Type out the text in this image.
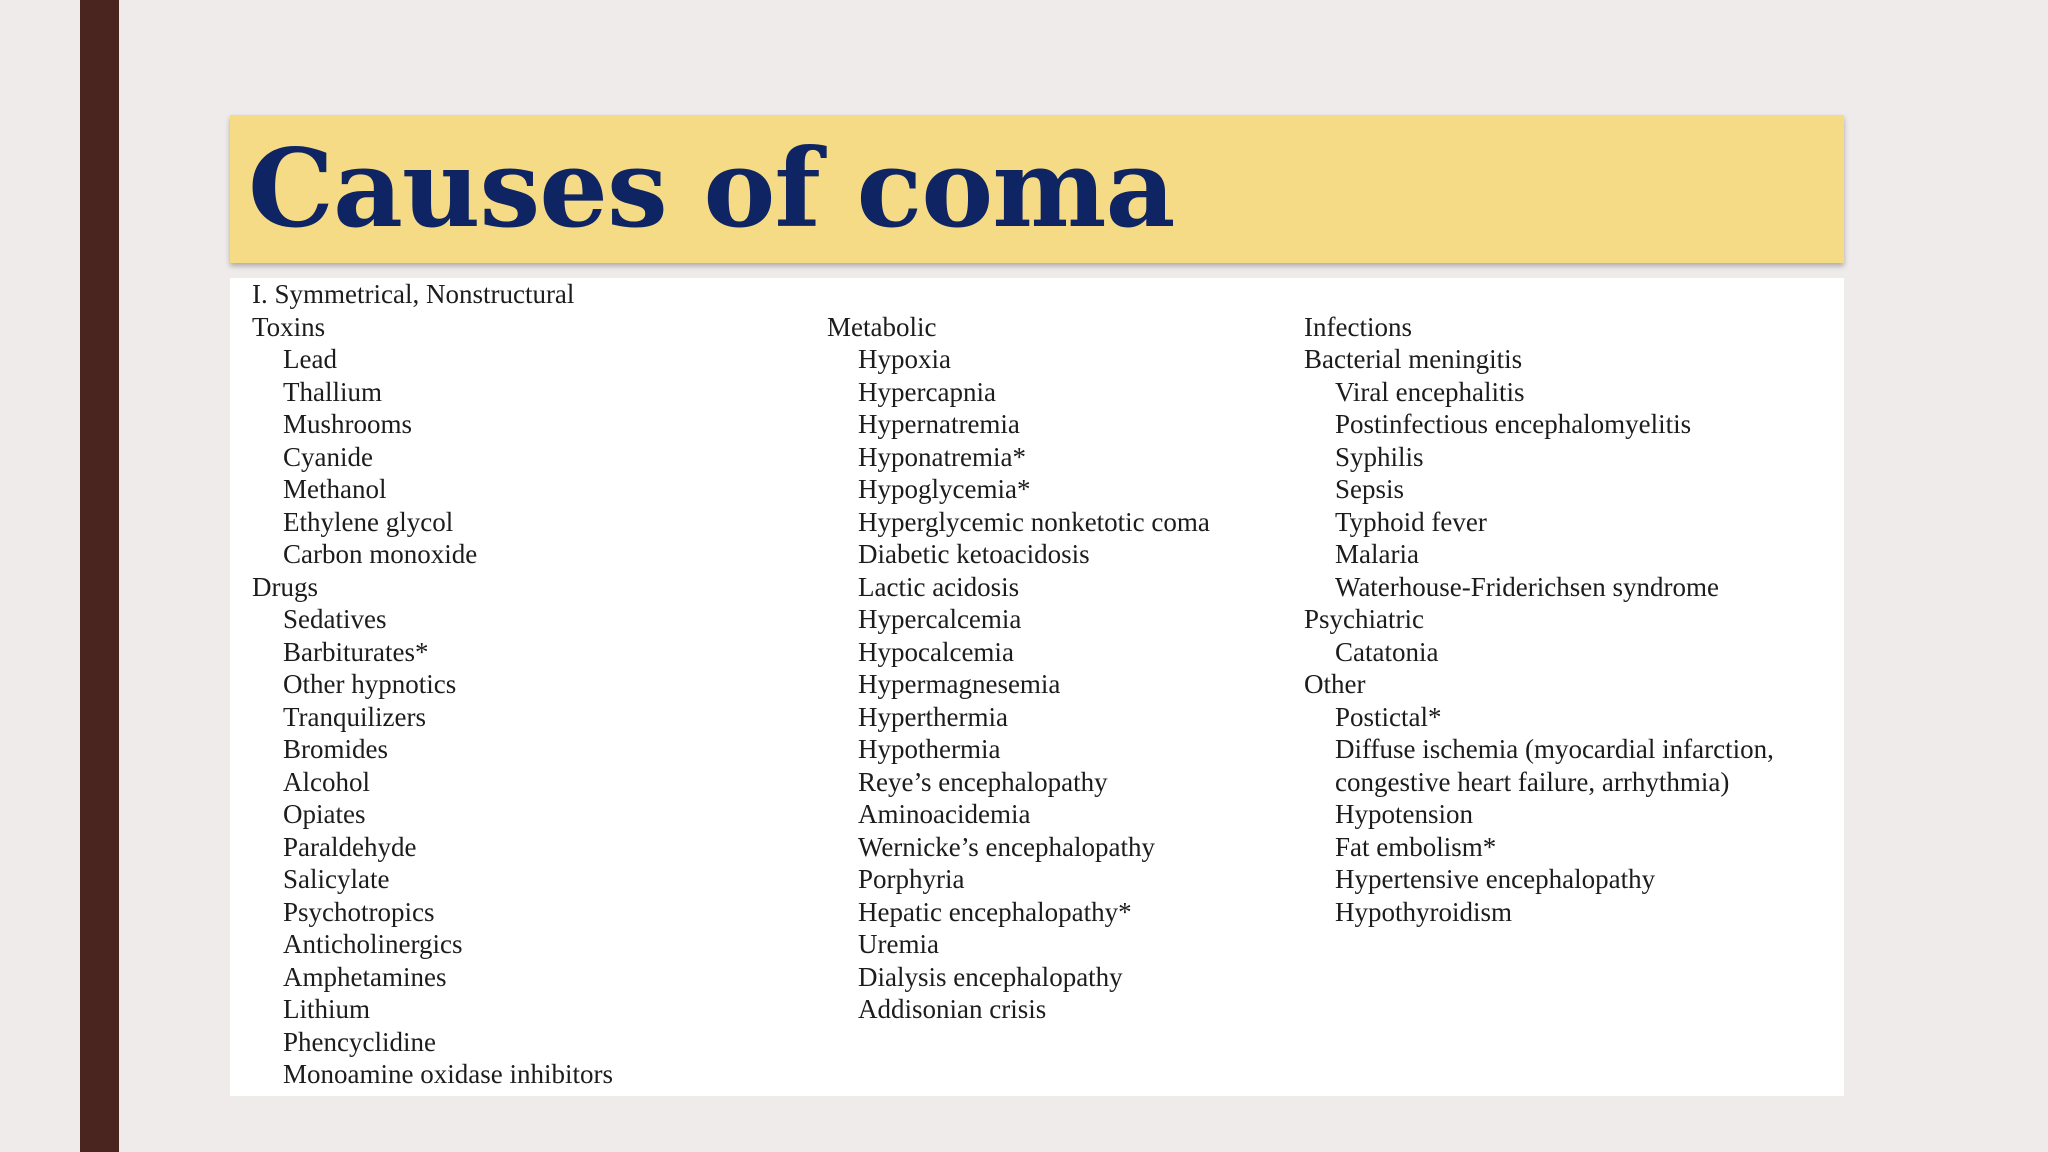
Causes of coma
I. Symmetrical, Nonstructural
Toxins
Lead
Thallium
Mushrooms
Cyanide
Methanol
Ethylene glycol
Carbon monoxide
Drugs
Sedatives
Barbiturates*
Other hypnotics
Tranquilizers
Bromides
Alcohol
Opiates
Paraldehyde
Salicylate
Psychotropics
Anticholinergics
Amphetamines
Lithium
Phencyclidine
Monoamine oxidase inhibitors
Metabolic
Hypoxia
Hypercapnia
Hypernatremia
Hyponatremia*
Hypoglycemia*
Hyperglycemic nonketotic coma
Diabetic ketoacidosis
Lactic acidosis
Hypercalcemia
Hypocalcemia
Hypermagnesemia
Hyperthermia
Hypothermia
Reye’s encephalopathy
Aminoacidemia
Wernicke’s encephalopathy
Porphyria
Hepatic encephalopathy*
Uremia
Dialysis encephalopathy
Addisonian crisis
Infections
Bacterial meningitis
Viral encephalitis
Postinfectious encephalomyelitis
Syphilis
Sepsis
Typhoid fever
Malaria
Waterhouse-Friderichsen syndrome
Psychiatric
Catatonia
Other
Postictal*
Diffuse ischemia (myocardial infarction,
congestive heart failure, arrhythmia)
Hypotension
Fat embolism*
Hypertensive encephalopathy
Hypothyroidism
